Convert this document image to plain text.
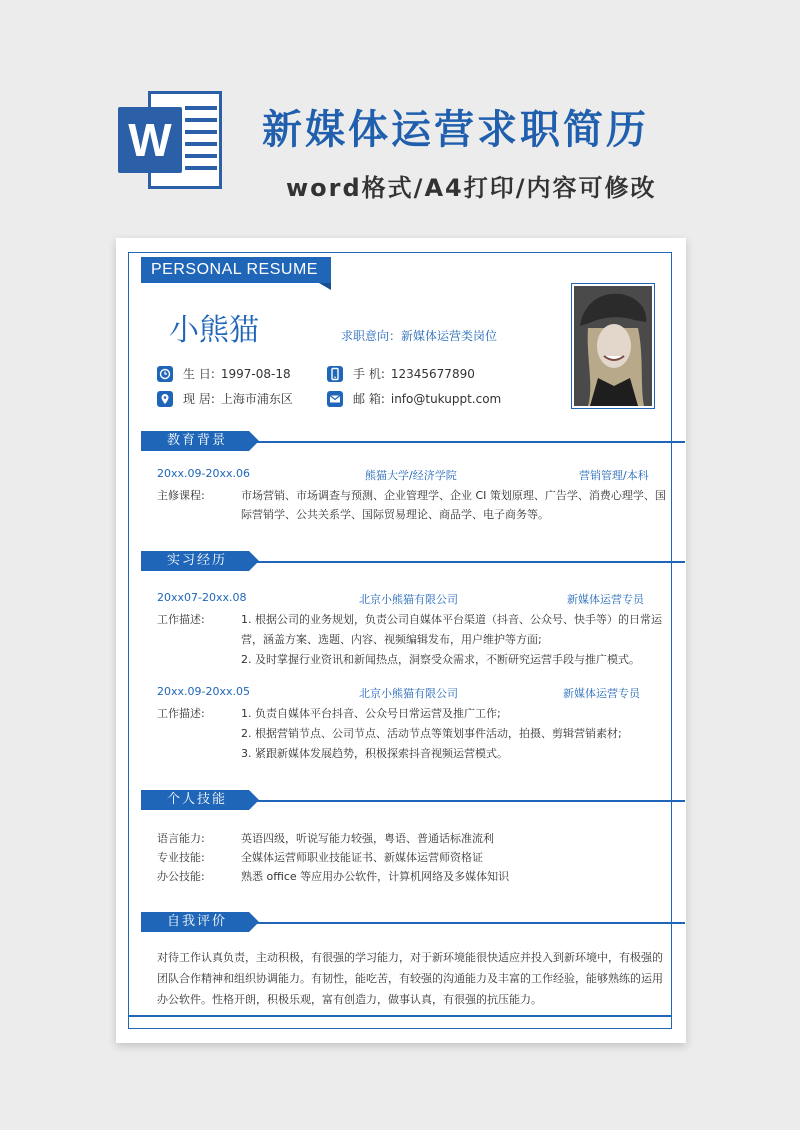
W 新媒体运营求职简历
word格式/A4打印/内容可修改
PERSONAL RESUME
小熊猫	求职意向：新媒体运营类岗位
生 日: 1997-08-18
现 居: 上海市浦东区
手 机: 12345677890
邮 箱: info@tukuppt.com
教育背景
20xx.09-20xx.06	熊猫大学/经济学院	营销管理/本科
主修课程:	市场营销、市场调查与预测、企业管理学、企业 CI 策划原理、广告学、消费心理学、国
际营销学、公共关系学、国际贸易理论、商品学、电子商务等。
实习经历
20xx07-20xx.08	北京小熊猫有限公司	新媒体运营专员
工作描述:	1. 根据公司的业务规划，负责公司自媒体平台渠道（抖音、公众号、快手等）的日常运
营，涵盖方案、选题、内容、视频编辑发布，用户维护等方面;
2. 及时掌握行业资讯和新闻热点，洞察受众需求，不断研究运营手段与推广模式。
20xx.09-20xx.05	北京小熊猫有限公司	新媒体运营专员
工作描述:	1. 负责自媒体平台抖音、公众号日常运营及推广工作;
2. 根据营销节点、公司节点、活动节点等策划事件活动，拍摄、剪辑营销素材;
3. 紧跟新媒体发展趋势，积极探索抖音视频运营模式。
个人技能
语言能力:	英语四级，听说写能力较强，粤语、普通话标准流利
专业技能:	全媒体运营师职业技能证书、新媒体运营师资格证
办公技能:	熟悉 office 等应用办公软件，计算机网络及多媒体知识
自我评价
对待工作认真负责，主动积极，有很强的学习能力，对于新环境能很快适应并投入到新环境中，有极强的
团队合作精神和组织协调能力。有韧性，能吃苦，有较强的沟通能力及丰富的工作经验，能够熟练的运用
办公软件。性格开朗，积极乐观，富有创造力，做事认真，有很强的抗压能力。
